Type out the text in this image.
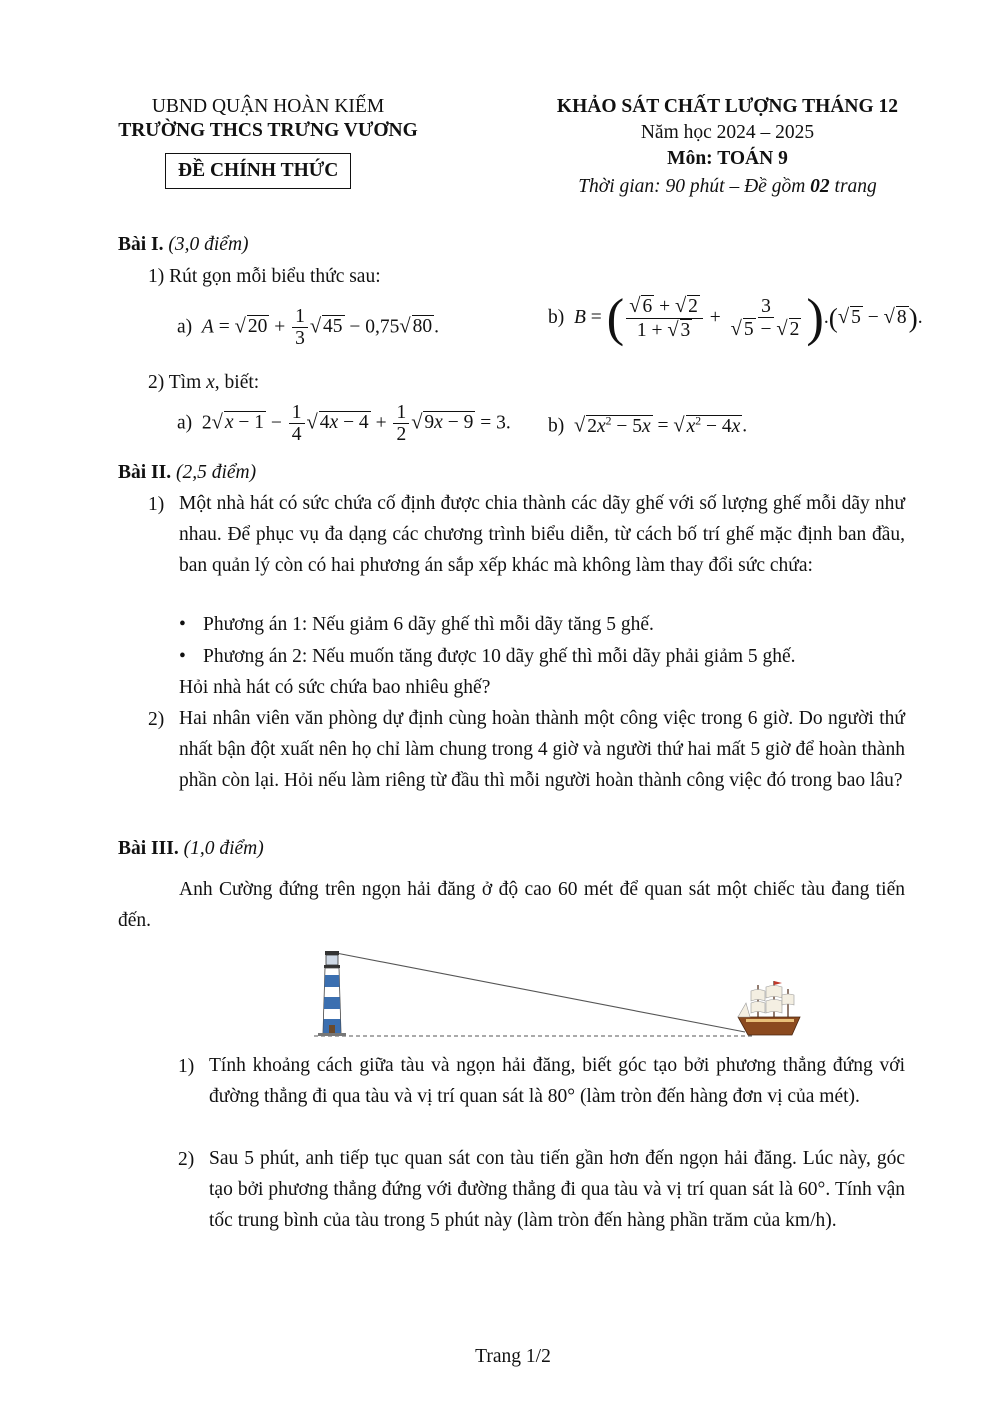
UBND QUẬN HOÀN KIẾM
TRƯỜNG THCS TRƯNG VƯƠNG
ĐỀ CHÍNH THỨC
KHẢO SÁT CHẤT LƯỢNG THÁNG 12
Năm học 2024 – 2025
Môn: TOÁN 9
Thời gian: 90 phút – Đề gồm 02 trang
Bài I. (3,0 điểm)
1) Rút gọn mỗi biểu thức sau:
a) A = √ $20 + \frac{1}{3}$ √ 45 − 0,75√ 80 .	b) B = ( $\frac{√ 6 + √ 2}{1 + √ 3} + \frac{3}{√ 5 - √ 2}$ ).(√ 5 − √ 8).
2) Tìm x, biết:
a)  2√ $x - 1 - \frac{1}{4}$ √ $4x - 4 + \frac{1}{2}$ √ 9x − 9 = 3. b) √ $2x^2 - 5x$ = √ $x^2 - 4x$ .
Bài II. (2,5 điểm)
1) Một nhà hát có sức chứa cố định được chia thành các dãy ghế với số lượng ghế mỗi dãy như nhau. Để phục vụ đa dạng các chương trình biểu diễn, từ cách bố trí ghế mặc định ban đầu, ban quản lý còn có hai phương án sắp xếp khác mà không làm thay đổi sức chứa:
• Phương án 1: Nếu giảm 6 dãy ghế thì mỗi dãy tăng 5 ghế.
• Phương án 2: Nếu muốn tăng được 10 dãy ghế thì mỗi dãy phải giảm 5 ghế.
Hỏi nhà hát có sức chứa bao nhiêu ghế?
2) Hai nhân viên văn phòng dự định cùng hoàn thành một công việc trong 6 giờ. Do người thứ nhất bận đột xuất nên họ chỉ làm chung trong 4 giờ và người thứ hai mất 5 giờ để hoàn thành phần còn lại. Hỏi nếu làm riêng từ đầu thì mỗi người hoàn thành công việc đó trong bao lâu?
Bài III. (1,0 điểm)
Anh Cường đứng trên ngọn hải đăng ở độ cao 60 mét để quan sát một chiếc tàu đang tiến đến.
1) Tính khoảng cách giữa tàu và ngọn hải đăng, biết góc tạo bởi phương thẳng đứng với đường thẳng đi qua tàu và vị trí quan sát là 80° (làm tròn đến hàng đơn vị của mét).
2) Sau 5 phút, anh tiếp tục quan sát con tàu tiến gần hơn đến ngọn hải đăng. Lúc này, góc tạo bởi phương thẳng đứng với đường thẳng đi qua tàu và vị trí quan sát là 60°. Tính vận tốc trung bình của tàu trong 5 phút này (làm tròn đến hàng phần trăm của km/h).
Trang 1/2
